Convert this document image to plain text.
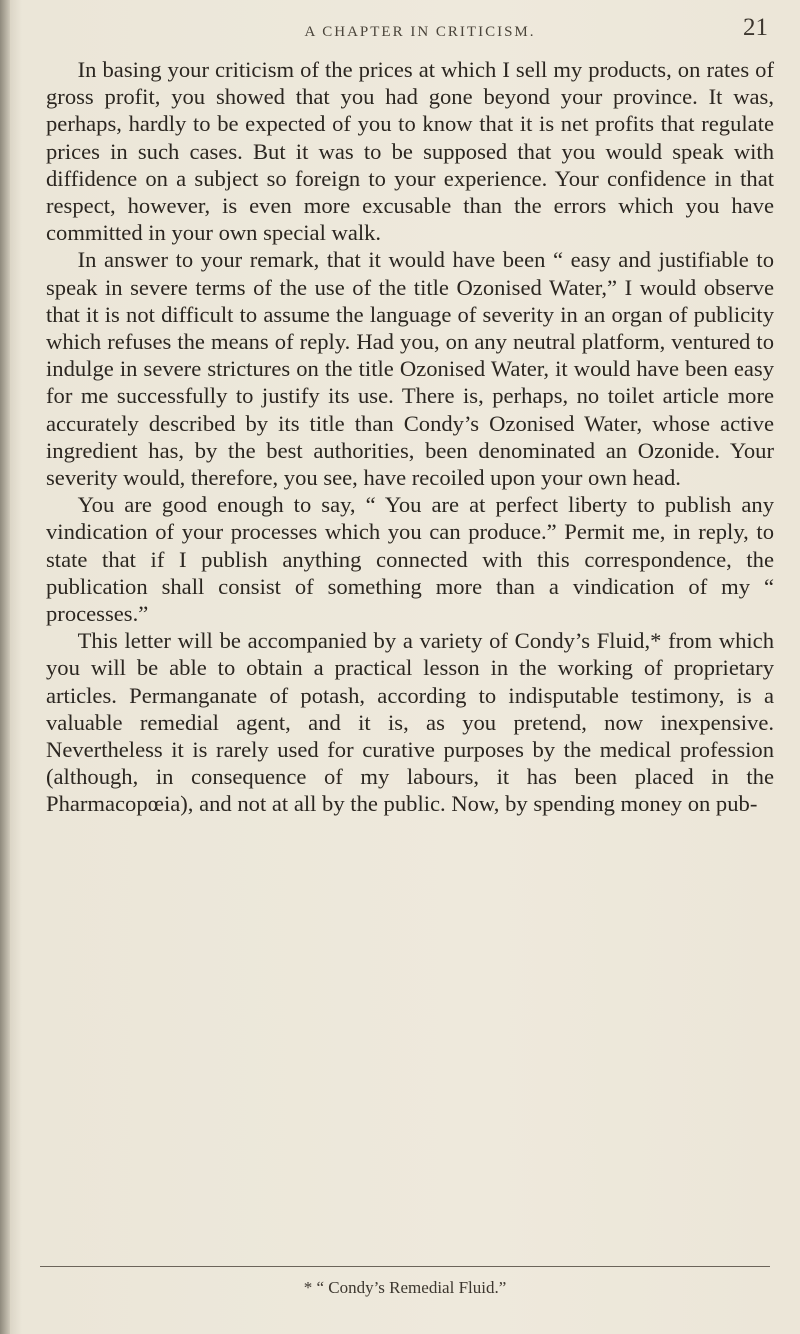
A CHAPTER IN CRITICISM.	21

In basing your criticism of the prices at which I sell my products, on rates of gross profit, you showed that you had gone beyond your province. It was, perhaps, hardly to be expected of you to know that it is net profits that regulate prices in such cases. But it was to be supposed that you would speak with diffidence on a subject so foreign to your experience. Your confidence in that respect, however, is even more excusable than the errors which you have committed in your own special walk.

In answer to your remark, that it would have been “ easy and justifiable to speak in severe terms of the use of the title Ozonised Water,” I would observe that it is not difficult to assume the language of severity in an organ of publicity which refuses the means of reply. Had you, on any neutral platform, ventured to indulge in severe strictures on the title Ozonised Water, it would have been easy for me successfully to justify its use. There is, perhaps, no toilet article more accurately described by its title than Condy’s Ozonised Water, whose active ingredient has, by the best authorities, been denominated an Ozonide. Your severity would, therefore, you see, have recoiled upon your own head.

You are good enough to say, “ You are at perfect liberty to publish any vindication of your processes which you can produce.” Permit me, in reply, to state that if I publish anything connected with this correspondence, the publication shall consist of something more than a vindication of my “ processes.”

This letter will be accompanied by a variety of Condy’s Fluid,* from which you will be able to obtain a practical lesson in the working of proprietary articles. Permanganate of potash, according to indisputable testimony, is a valuable remedial agent, and it is, as you pretend, now inexpensive. Nevertheless it is rarely used for curative purposes by the medical profession (although, in consequence of my labours, it has been placed in the Pharmacopœia), and not at all by the public. Now, by spending money on pub-

* “ Condy’s Remedial Fluid.”
